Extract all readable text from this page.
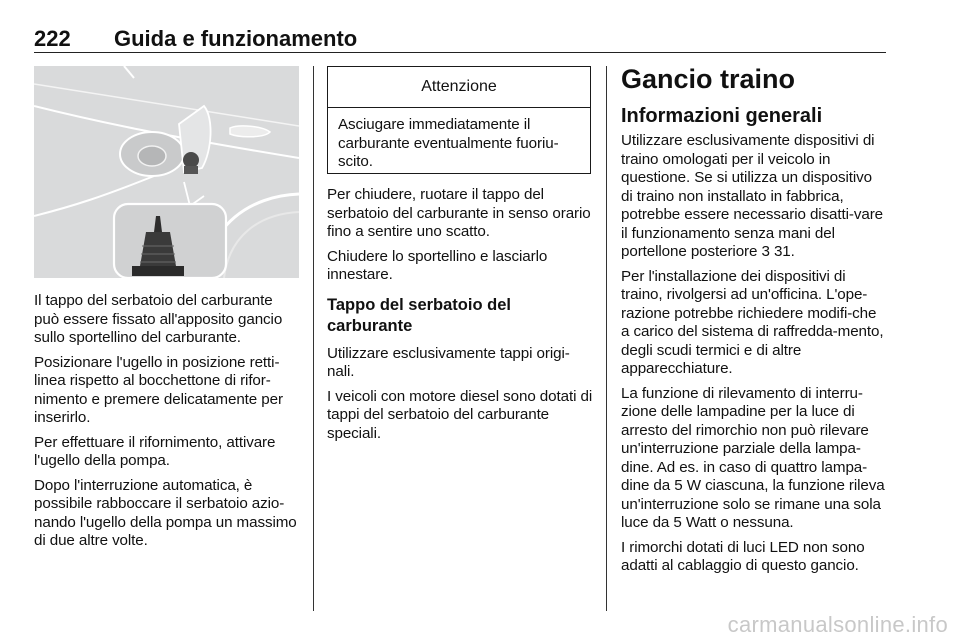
222 Guida e funzionamento

Il tappo del serbatoio del carburante può essere fissato all'apposito gancio sullo sportellino del carburante.

Posizionare l'ugello in posizione retti-linea rispetto al bocchettone di rifor-nimento e premere delicatamente per inserirlo.

Per effettuare il rifornimento, attivare l'ugello della pompa.

Dopo l'interruzione automatica, è possibile rabboccare il serbatoio azio-nando l'ugello della pompa un massimo di due altre volte.

Attenzione

Asciugare immediatamente il carburante eventualmente fuoriu-scito.

Per chiudere, ruotare il tappo del serbatoio del carburante in senso orario fino a sentire uno scatto.

Chiudere lo sportellino e lasciarlo innestare.

Tappo del serbatoio del carburante

Utilizzare esclusivamente tappi origi-nali.

I veicoli con motore diesel sono dotati di tappi del serbatoio del carburante speciali.

Gancio traino
Informazioni generali

Utilizzare esclusivamente dispositivi di traino omologati per il veicolo in questione. Se si utilizza un dispositivo di traino non installato in fabbrica, potrebbe essere necessario disatti-vare il funzionamento senza mani del portellone posteriore 3 31.

Per l'installazione dei dispositivi di traino, rivolgersi ad un'officina. L'ope-razione potrebbe richiedere modifi-che a carico del sistema di raffredda-mento, degli scudi termici e di altre apparecchiature.

La funzione di rilevamento di interru-zione delle lampadine per la luce di arresto del rimorchio non può rilevare un'interruzione parziale della lampa-dine. Ad es. in caso di quattro lampa-dine da 5 W ciascuna, la funzione rileva un'interruzione solo se rimane una sola luce da 5 Watt o nessuna.

I rimorchi dotati di luci LED non sono adatti al cablaggio di questo gancio.

carmanualsonline.info
